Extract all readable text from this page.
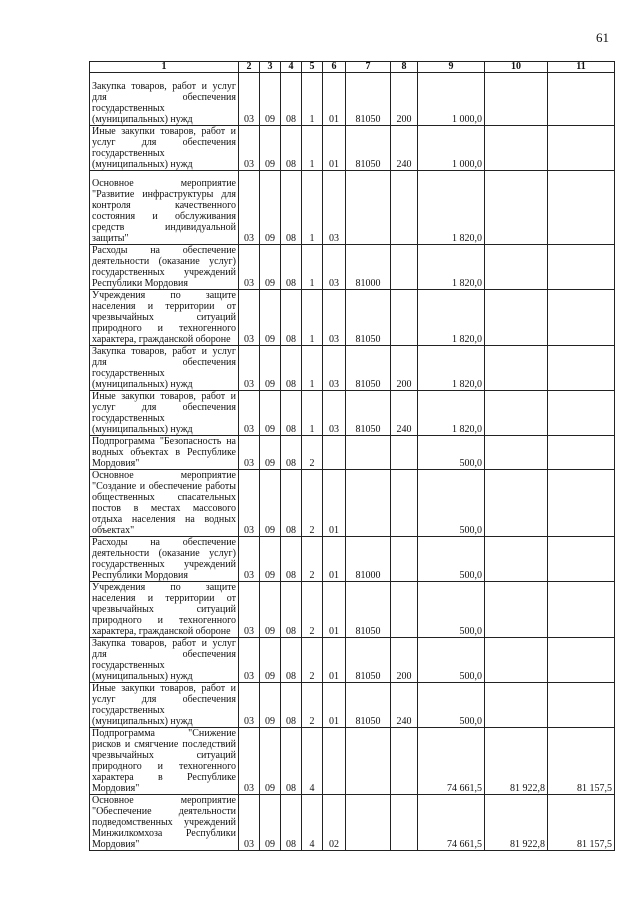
61
1	2	3	4	5	6	7	8	9	10	11
Закупка товаров, работ и услуг для обеспечения государственных (муниципальных) нужд	03	09	08	1	01	81050	200	1 000,0		
Иные закупки товаров, работ и услуг для обеспечения государственных (муниципальных) нужд	03	09	08	1	01	81050	240	1 000,0		
Основное мероприятие "Развитие инфраструктуры для контроля качественного состояния и обслуживания средств индивидуальной защиты"	03	09	08	1	03			1 820,0		
Расходы на обеспечение деятельности (оказание услуг) государственных учреждений Республики Мордовия	03	09	08	1	03	81000		1 820,0		
Учреждения по защите населения и территории от чрезвычайных ситуаций природного и техногенного характера, гражданской обороне	03	09	08	1	03	81050		1 820,0		
Закупка товаров, работ и услуг для обеспечения государственных (муниципальных) нужд	03	09	08	1	03	81050	200	1 820,0		
Иные закупки товаров, работ и услуг для обеспечения государственных (муниципальных) нужд	03	09	08	1	03	81050	240	1 820,0		
Подпрограмма "Безопасность на водных объектах в Республике Мордовия"	03	09	08	2				500,0		
Основное мероприятие "Создание и обеспечение работы общественных спасательных постов в местах массового отдыха населения на водных объектах"	03	09	08	2	01			500,0		
Расходы на обеспечение деятельности (оказание услуг) государственных учреждений Республики Мордовия	03	09	08	2	01	81000		500,0		
Учреждения по защите населения и территории от чрезвычайных ситуаций природного и техногенного характера, гражданской обороне	03	09	08	2	01	81050		500,0		
Закупка товаров, работ и услуг для обеспечения государственных (муниципальных) нужд	03	09	08	2	01	81050	200	500,0		
Иные закупки товаров, работ и услуг для обеспечения государственных (муниципальных) нужд	03	09	08	2	01	81050	240	500,0		
Подпрограмма "Снижение рисков и смягчение последствий чрезвычайных ситуаций природного и техногенного характера в Республике Мордовия"	03	09	08	4				74 661,5	81 922,8	81 157,5
Основное мероприятие "Обеспечение деятельности подведомственных учреждений Минжилкомхоза Республики Мордовия"	03	09	08	4	02			74 661,5	81 922,8	81 157,5
